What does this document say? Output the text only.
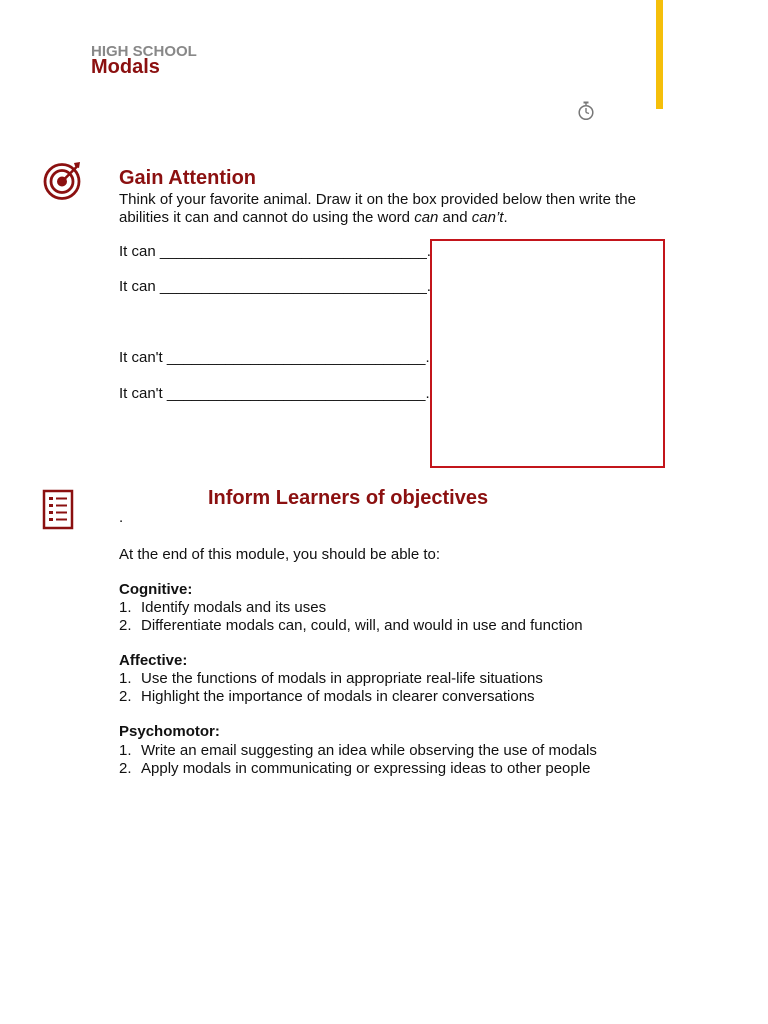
HIGH SCHOOL
Modals
Gain Attention
Think of your favorite animal. Draw it on the box provided below then write the
abilities it can and cannot do using the word can and can’t.
It can ________________________________.
It can ________________________________.
It can't _______________________________.
It can't _______________________________.
Inform Learners of objectives
.
At the end of this module, you should be able to:
Cognitive:
1. Identify modals and its uses
2. Differentiate modals can, could, will, and would in use and function
Affective:
1. Use the functions of modals in appropriate real-life situations
2. Highlight the importance of modals in clearer conversations
Psychomotor:
1. Write an email suggesting an idea while observing the use of modals
2. Apply modals in communicating or expressing ideas to other people
